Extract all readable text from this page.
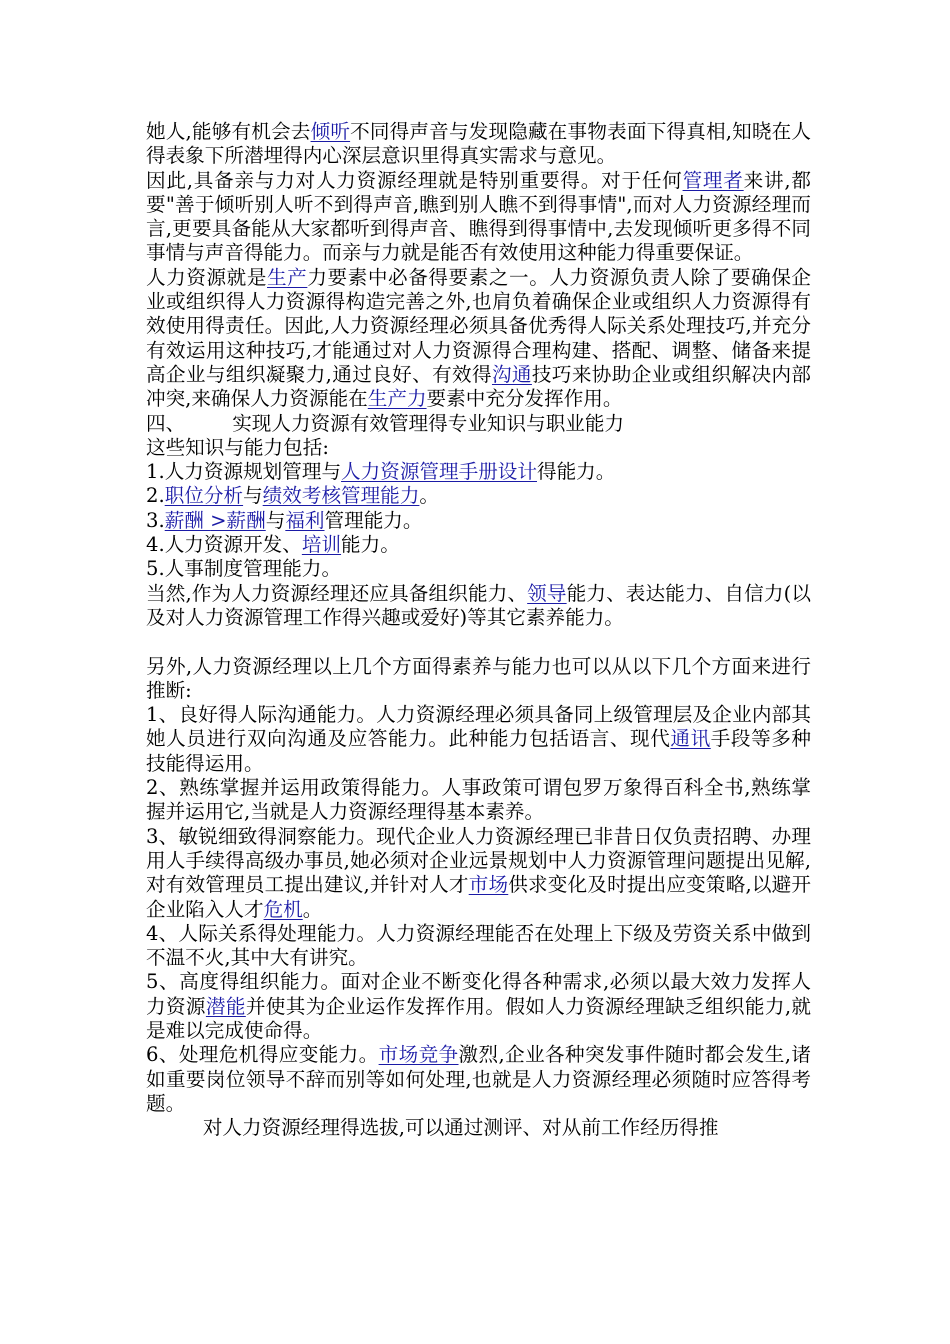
她人,能够有机会去倾听不同得声音与发现隐藏在事物表面下得真相,知晓在人得表象下所潜埋得内心深层意识里得真实需求与意见。
因此,具备亲与力对人力资源经理就是特别重要得。对于任何管理者来讲,都要"善于倾听别人听不到得声音,瞧到别人瞧不到得事情",而对人力资源经理而言,更要具备能从大家都听到得声音、瞧得到得事情中,去发现倾听更多得不同事情与声音得能力。而亲与力就是能否有效使用这种能力得重要保证。
人力资源就是生产力要素中必备得要素之一。人力资源负责人除了要确保企业或组织得人力资源得构造完善之外,也肩负着确保企业或组织人力资源得有效使用得责任。因此,人力资源经理必须具备优秀得人际关系处理技巧,并充分有效运用这种技巧,才能通过对人力资源得合理构建、搭配、调整、储备来提高企业与组织凝聚力,通过良好、有效得沟通技巧来协助企业或组织解决内部冲突,来确保人力资源能在生产力要素中充分发挥作用。
四、 实现人力资源有效管理得专业知识与职业能力
这些知识与能力包括:
1.人力资源规划管理与人力资源管理手册设计得能力。
2.职位分析与绩效考核管理能力。
3.薪酬 >薪酬与福利管理能力。
4.人力资源开发、培训能力。
5.人事制度管理能力。
当然,作为人力资源经理还应具备组织能力、领导能力、表达能力、自信力(以及对人力资源管理工作得兴趣或爱好)等其它素养能力。
另外,人力资源经理以上几个方面得素养与能力也可以从以下几个方面来进行推断:
1、良好得人际沟通能力。人力资源经理必须具备同上级管理层及企业内部其她人员进行双向沟通及应答能力。此种能力包括语言、现代通讯手段等多种技能得运用。
2、熟练掌握并运用政策得能力。人事政策可谓包罗万象得百科全书,熟练掌握并运用它,当就是人力资源经理得基本素养。
3、敏锐细致得洞察能力。现代企业人力资源经理已非昔日仅负责招聘、办理用人手续得高级办事员,她必须对企业远景规划中人力资源管理问题提出见解,对有效管理员工提出建议,并针对人才市场供求变化及时提出应变策略,以避开企业陷入人才危机。
4、人际关系得处理能力。人力资源经理能否在处理上下级及劳资关系中做到不温不火,其中大有讲究。
5、高度得组织能力。面对企业不断变化得各种需求,必须以最大效力发挥人力资源潜能并使其为企业运作发挥作用。假如人力资源经理缺乏组织能力,就是难以完成使命得。
6、处理危机得应变能力。市场竞争激烈,企业各种突发事件随时都会发生,诸如重要岗位领导不辞而别等如何处理,也就是人力资源经理必须随时应答得考题。
对人力资源经理得选拔,可以通过测评、对从前工作经历得推
